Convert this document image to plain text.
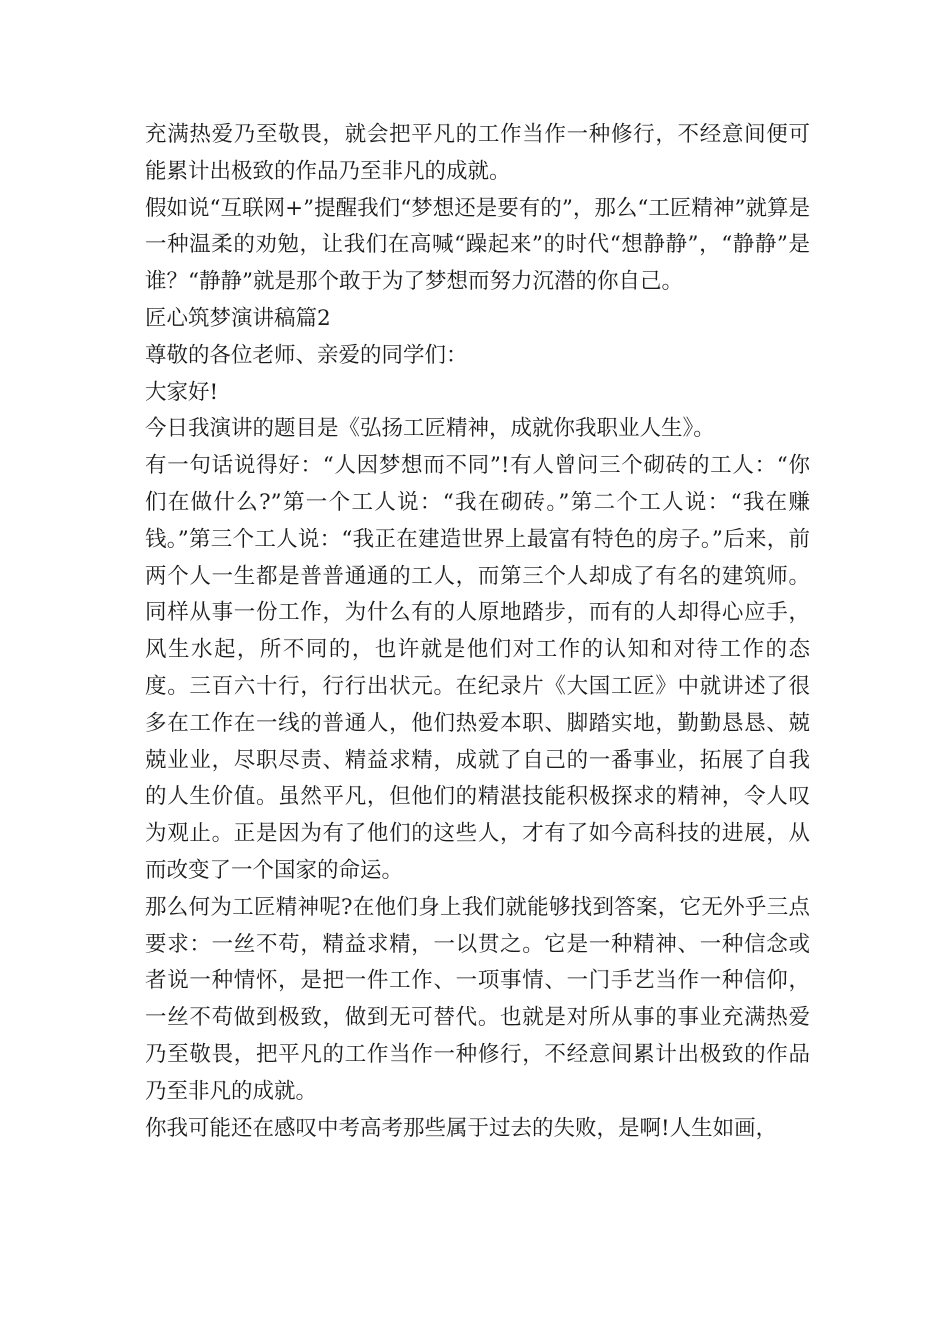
充满热爱乃至敬畏，就会把平凡的工作当作一种修行，不经意间便可能累计出极致的作品乃至非凡的成就。

假如说“互联网+”提醒我们“梦想还是要有的”，那么“工匠精神”就算是一种温柔的劝勉，让我们在高喊“躁起来”的时代“想静静”，“静静”是谁？“静静”就是那个敢于为了梦想而努力沉潜的你自己。

匠心筑梦演讲稿篇2

尊敬的各位老师、亲爱的同学们：

大家好!

今日我演讲的题目是《弘扬工匠精神，成就你我职业人生》。

有一句话说得好：“人因梦想而不同”!有人曾问三个砌砖的工人：“你们在做什么?”第一个工人说：“我在砌砖。”第二个工人说：“我在赚钱。”第三个工人说：“我正在建造世界上最富有特色的房子。”后来，前两个人一生都是普普通通的工人，而第三个人却成了有名的建筑师。同样从事一份工作，为什么有的人原地踏步，而有的人却得心应手，风生水起，所不同的，也许就是他们对工作的认知和对待工作的态度。三百六十行，行行出状元。在纪录片《大国工匠》中就讲述了很多在工作在一线的普通人，他们热爱本职、脚踏实地，勤勤恳恳、兢兢业业，尽职尽责、精益求精，成就了自己的一番事业，拓展了自我的人生价值。虽然平凡，但他们的精湛技能积极探求的精神，令人叹为观止。正是因为有了他们的这些人，才有了如今高科技的进展，从而改变了一个国家的命运。

那么何为工匠精神呢?在他们身上我们就能够找到答案，它无外乎三点要求：一丝不苟，精益求精，一以贯之。它是一种精神、一种信念或者说一种情怀，是把一件工作、一项事情、一门手艺当作一种信仰，一丝不苟做到极致，做到无可替代。也就是对所从事的事业充满热爱乃至敬畏，把平凡的工作当作一种修行，不经意间累计出极致的作品乃至非凡的成就。

你我可能还在感叹中考高考那些属于过去的失败，是啊!人生如画，
